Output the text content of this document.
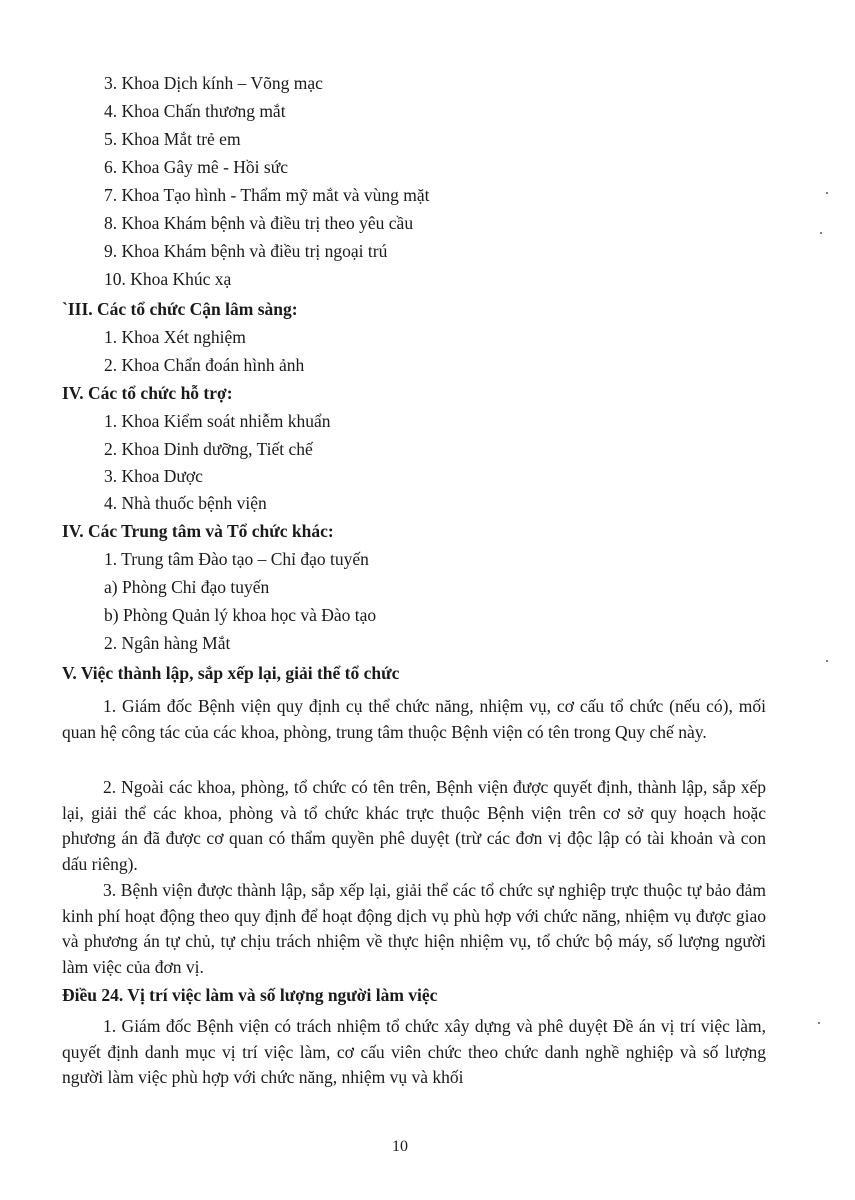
3. Khoa Dịch kính – Võng mạc
4. Khoa Chấn thương mắt
5. Khoa Mắt trẻ em
6. Khoa Gây mê - Hồi sức
7. Khoa Tạo hình - Thẩm mỹ mắt và vùng mặt
8. Khoa Khám bệnh và điều trị theo yêu cầu
9. Khoa Khám bệnh và điều trị ngoại trú
10. Khoa Khúc xạ
`III. Các tổ chức Cận lâm sàng:
1. Khoa Xét nghiệm
2. Khoa Chẩn đoán hình ảnh
IV. Các tổ chức hỗ trợ:
1. Khoa Kiểm soát nhiễm khuẩn
2. Khoa Dinh dưỡng, Tiết chế
3. Khoa Dược
4. Nhà thuốc bệnh viện
IV. Các Trung tâm và Tổ chức khác:
1. Trung tâm Đào tạo – Chỉ đạo tuyến
a) Phòng Chỉ đạo tuyến
b) Phòng Quản lý khoa học và Đào tạo
2. Ngân hàng Mắt
V. Việc thành lập, sắp xếp lại, giải thể tổ chức

1. Giám đốc Bệnh viện quy định cụ thể chức năng, nhiệm vụ, cơ cấu tổ chức (nếu có), mối quan hệ công tác của các khoa, phòng, trung tâm thuộc Bệnh viện có tên trong Quy chế này.

2. Ngoài các khoa, phòng, tổ chức có tên trên, Bệnh viện được quyết định, thành lập, sắp xếp lại, giải thể các khoa, phòng và tổ chức khác trực thuộc Bệnh viện trên cơ sở quy hoạch hoặc phương án đã được cơ quan có thẩm quyền phê duyệt (trừ các đơn vị độc lập có tài khoản và con dấu riêng).

3. Bệnh viện được thành lập, sắp xếp lại, giải thể các tổ chức sự nghiệp trực thuộc tự bảo đảm kinh phí hoạt động theo quy định để hoạt động dịch vụ phù hợp với chức năng, nhiệm vụ được giao và phương án tự chủ, tự chịu trách nhiệm về thực hiện nhiệm vụ, tổ chức bộ máy, số lượng người làm việc của đơn vị.

Điều 24. Vị trí việc làm và số lượng người làm việc

1. Giám đốc Bệnh viện có trách nhiệm tổ chức xây dựng và phê duyệt Đề án vị trí việc làm, quyết định danh mục vị trí việc làm, cơ cấu viên chức theo chức danh nghề nghiệp và số lượng người làm việc phù hợp với chức năng, nhiệm vụ và khối

10
